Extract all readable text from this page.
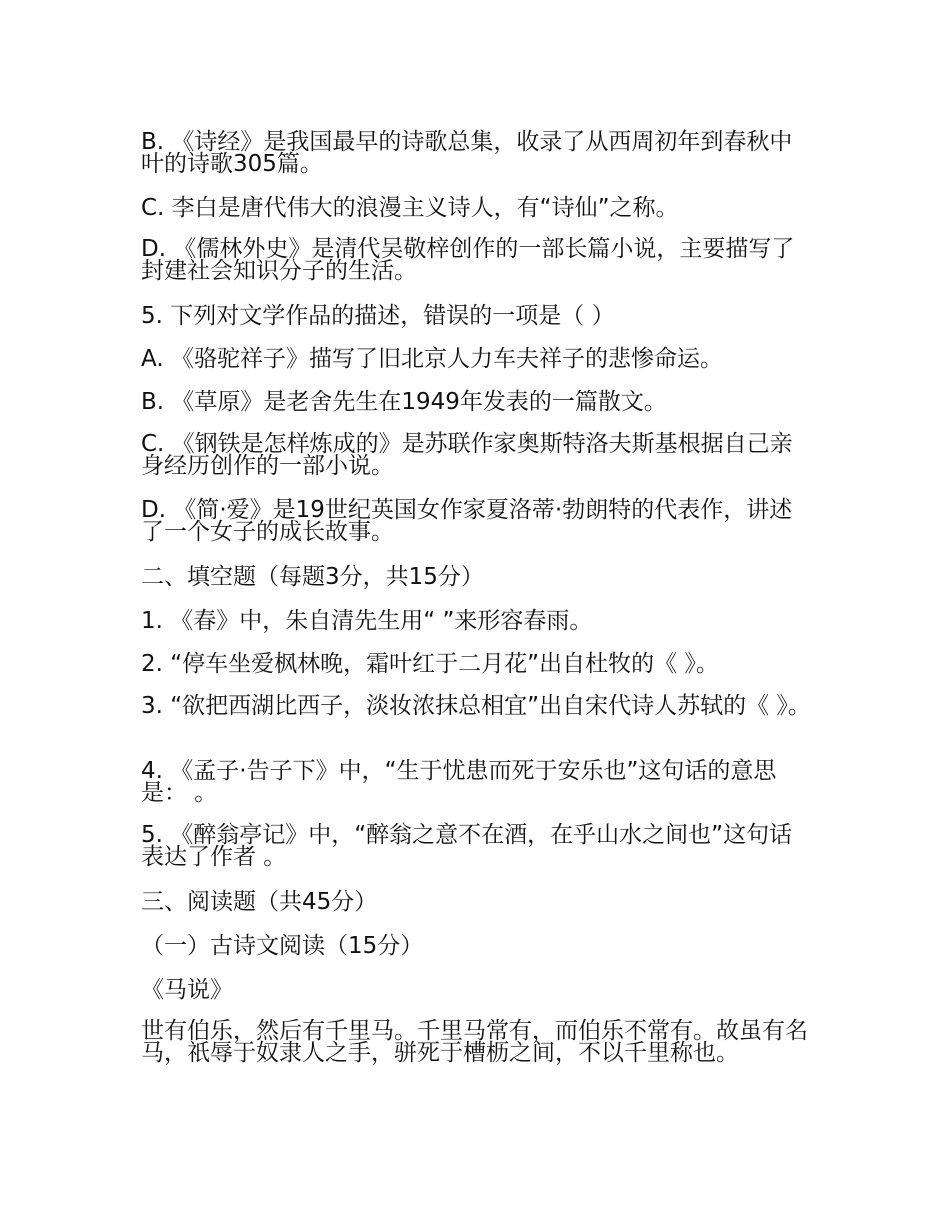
B. 《诗经》是我国最早的诗歌总集，收录了从西周初年到春秋中叶的诗歌305篇。

C. 李白是唐代伟大的浪漫主义诗人，有“诗仙”之称。

D. 《儒林外史》是清代吴敬梓创作的一部长篇小说，主要描写了封建社会知识分子的生活。

5. 下列对文学作品的描述，错误的一项是（ ）

A. 《骆驼祥子》描写了旧北京人力车夫祥子的悲惨命运。

B. 《草原》是老舍先生在1949年发表的一篇散文。

C. 《钢铁是怎样炼成的》是苏联作家奥斯特洛夫斯基根据自己亲身经历创作的一部小说。

D. 《简·爱》是19世纪英国女作家夏洛蒂·勃朗特的代表作，讲述了一个女子的成长故事。

二、填空题（每题3分，共15分）

1. 《春》中，朱自清先生用“ ”来形容春雨。

2. “停车坐爱枫林晚，霜叶红于二月花”出自杜牧的《 》。

3. “欲把西湖比西子，淡妆浓抹总相宜”出自宋代诗人苏轼的《 》。

4. 《孟子·告子下》中，“生于忧患而死于安乐也”这句话的意思是： 。

5. 《醉翁亭记》中，“醉翁之意不在酒，在乎山水之间也”这句话表达了作者 。

三、阅读题（共45分）

（一）古诗文阅读（15分）

《马说》

世有伯乐，然后有千里马。千里马常有，而伯乐不常有。故虽有名马，祇辱于奴隶人之手，骈死于槽枥之间，不以千里称也。
